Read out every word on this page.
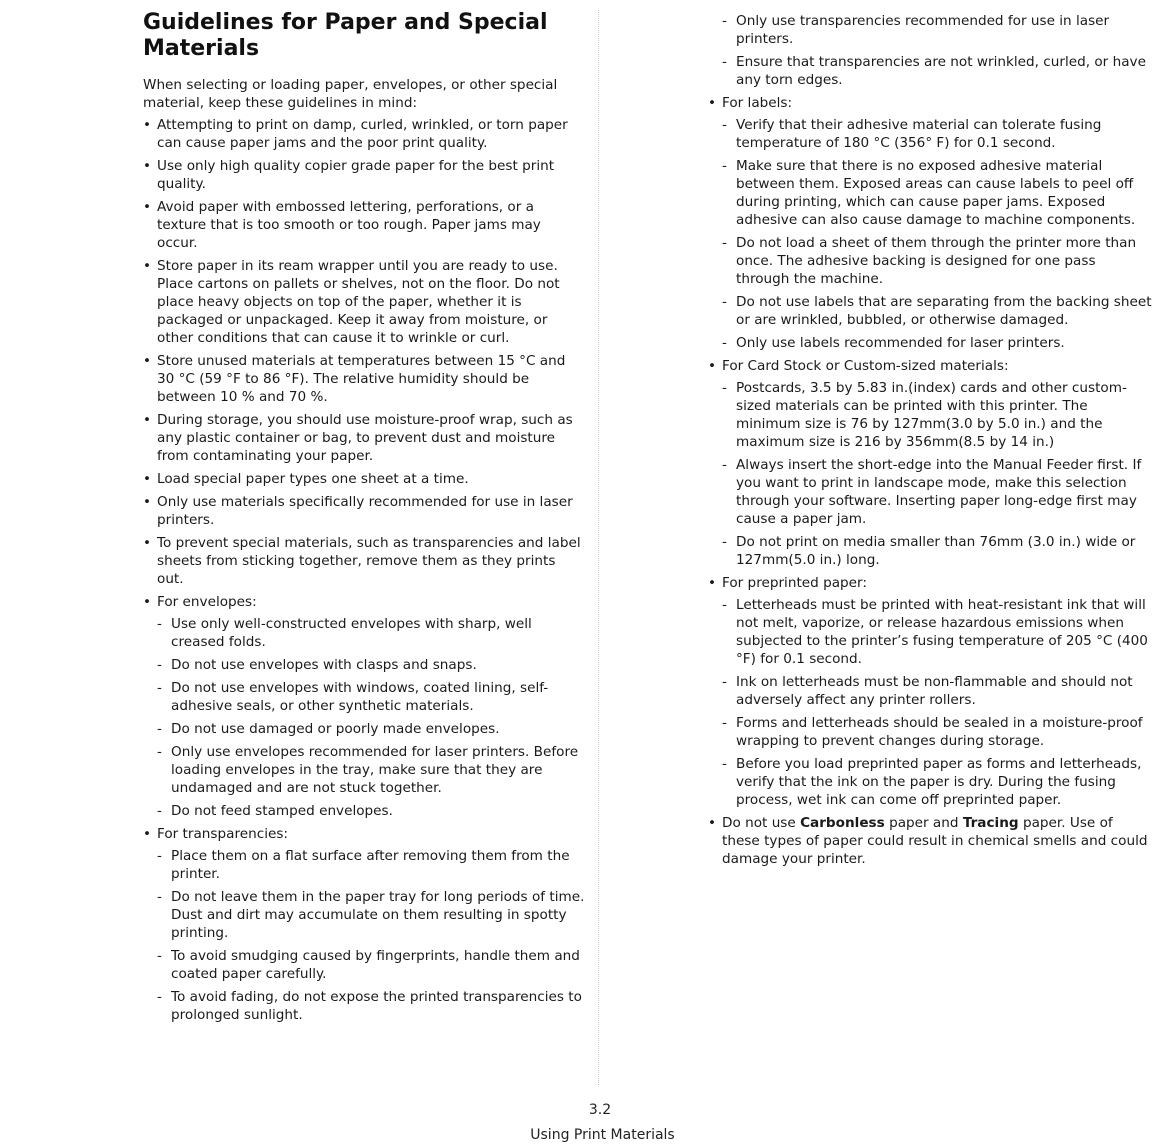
Guidelines for Paper and Special Materials

When selecting or loading paper, envelopes, or other special material, keep these guidelines in mind:

• Attempting to print on damp, curled, wrinkled, or torn paper can cause paper jams and the poor print quality.
• Use only high quality copier grade paper for the best print quality.
• Avoid paper with embossed lettering, perforations, or a texture that is too smooth or too rough. Paper jams may occur.
• Store paper in its ream wrapper until you are ready to use. Place cartons on pallets or shelves, not on the floor. Do not place heavy objects on top of the paper, whether it is packaged or unpackaged. Keep it away from moisture, or other conditions that can cause it to wrinkle or curl.
• Store unused materials at temperatures between 15 °C and 30 °C (59 °F to 86 °F). The relative humidity should be between 10 % and 70 %.
• During storage, you should use moisture-proof wrap, such as any plastic container or bag, to prevent dust and moisture from contaminating your paper.
• Load special paper types one sheet at a time.
• Only use materials specifically recommended for use in laser printers.
• To prevent special materials, such as transparencies and label sheets from sticking together, remove them as they prints out.
• For envelopes:
- Use only well-constructed envelopes with sharp, well creased folds.
- Do not use envelopes with clasps and snaps.
- Do not use envelopes with windows, coated lining, self-adhesive seals, or other synthetic materials.
- Do not use damaged or poorly made envelopes.
- Only use envelopes recommended for laser printers. Before loading envelopes in the tray, make sure that they are undamaged and are not stuck together.
- Do not feed stamped envelopes.
• For transparencies:
- Place them on a flat surface after removing them from the printer.
- Do not leave them in the paper tray for long periods of time. Dust and dirt may accumulate on them resulting in spotty printing.
- To avoid smudging caused by fingerprints, handle them and coated paper carefully.
- To avoid fading, do not expose the printed transparencies to prolonged sunlight.
- Only use transparencies recommended for use in laser printers.
- Ensure that transparencies are not wrinkled, curled, or have any torn edges.
• For labels:
- Verify that their adhesive material can tolerate fusing temperature of 180 °C (356° F) for 0.1 second.
- Make sure that there is no exposed adhesive material between them. Exposed areas can cause labels to peel off during printing, which can cause paper jams. Exposed adhesive can also cause damage to machine components.
- Do not load a sheet of them through the printer more than once. The adhesive backing is designed for one pass through the machine.
- Do not use labels that are separating from the backing sheet or are wrinkled, bubbled, or otherwise damaged.
- Only use labels recommended for laser printers.
• For Card Stock or Custom-sized materials:
- Postcards, 3.5 by 5.83 in.(index) cards and other custom-sized materials can be printed with this printer. The minimum size is 76 by 127mm(3.0 by 5.0 in.) and the maximum size is 216 by 356mm(8.5 by 14 in.)
- Always insert the short-edge into the Manual Feeder first. If you want to print in landscape mode, make this selection through your software. Inserting paper long-edge first may cause a paper jam.
- Do not print on media smaller than 76mm (3.0 in.) wide or 127mm(5.0 in.) long.
• For preprinted paper:
- Letterheads must be printed with heat-resistant ink that will not melt, vaporize, or release hazardous emissions when subjected to the printer’s fusing temperature of 205 °C (400 °F) for 0.1 second.
- Ink on letterheads must be non-flammable and should not adversely affect any printer rollers.
- Forms and letterheads should be sealed in a moisture-proof wrapping to prevent changes during storage.
- Before you load preprinted paper as forms and letterheads, verify that the ink on the paper is dry. During the fusing process, wet ink can come off preprinted paper.
• Do not use Carbonless paper and Tracing paper. Use of these types of paper could result in chemical smells and could damage your printer.
3.2
Using Print Materials
